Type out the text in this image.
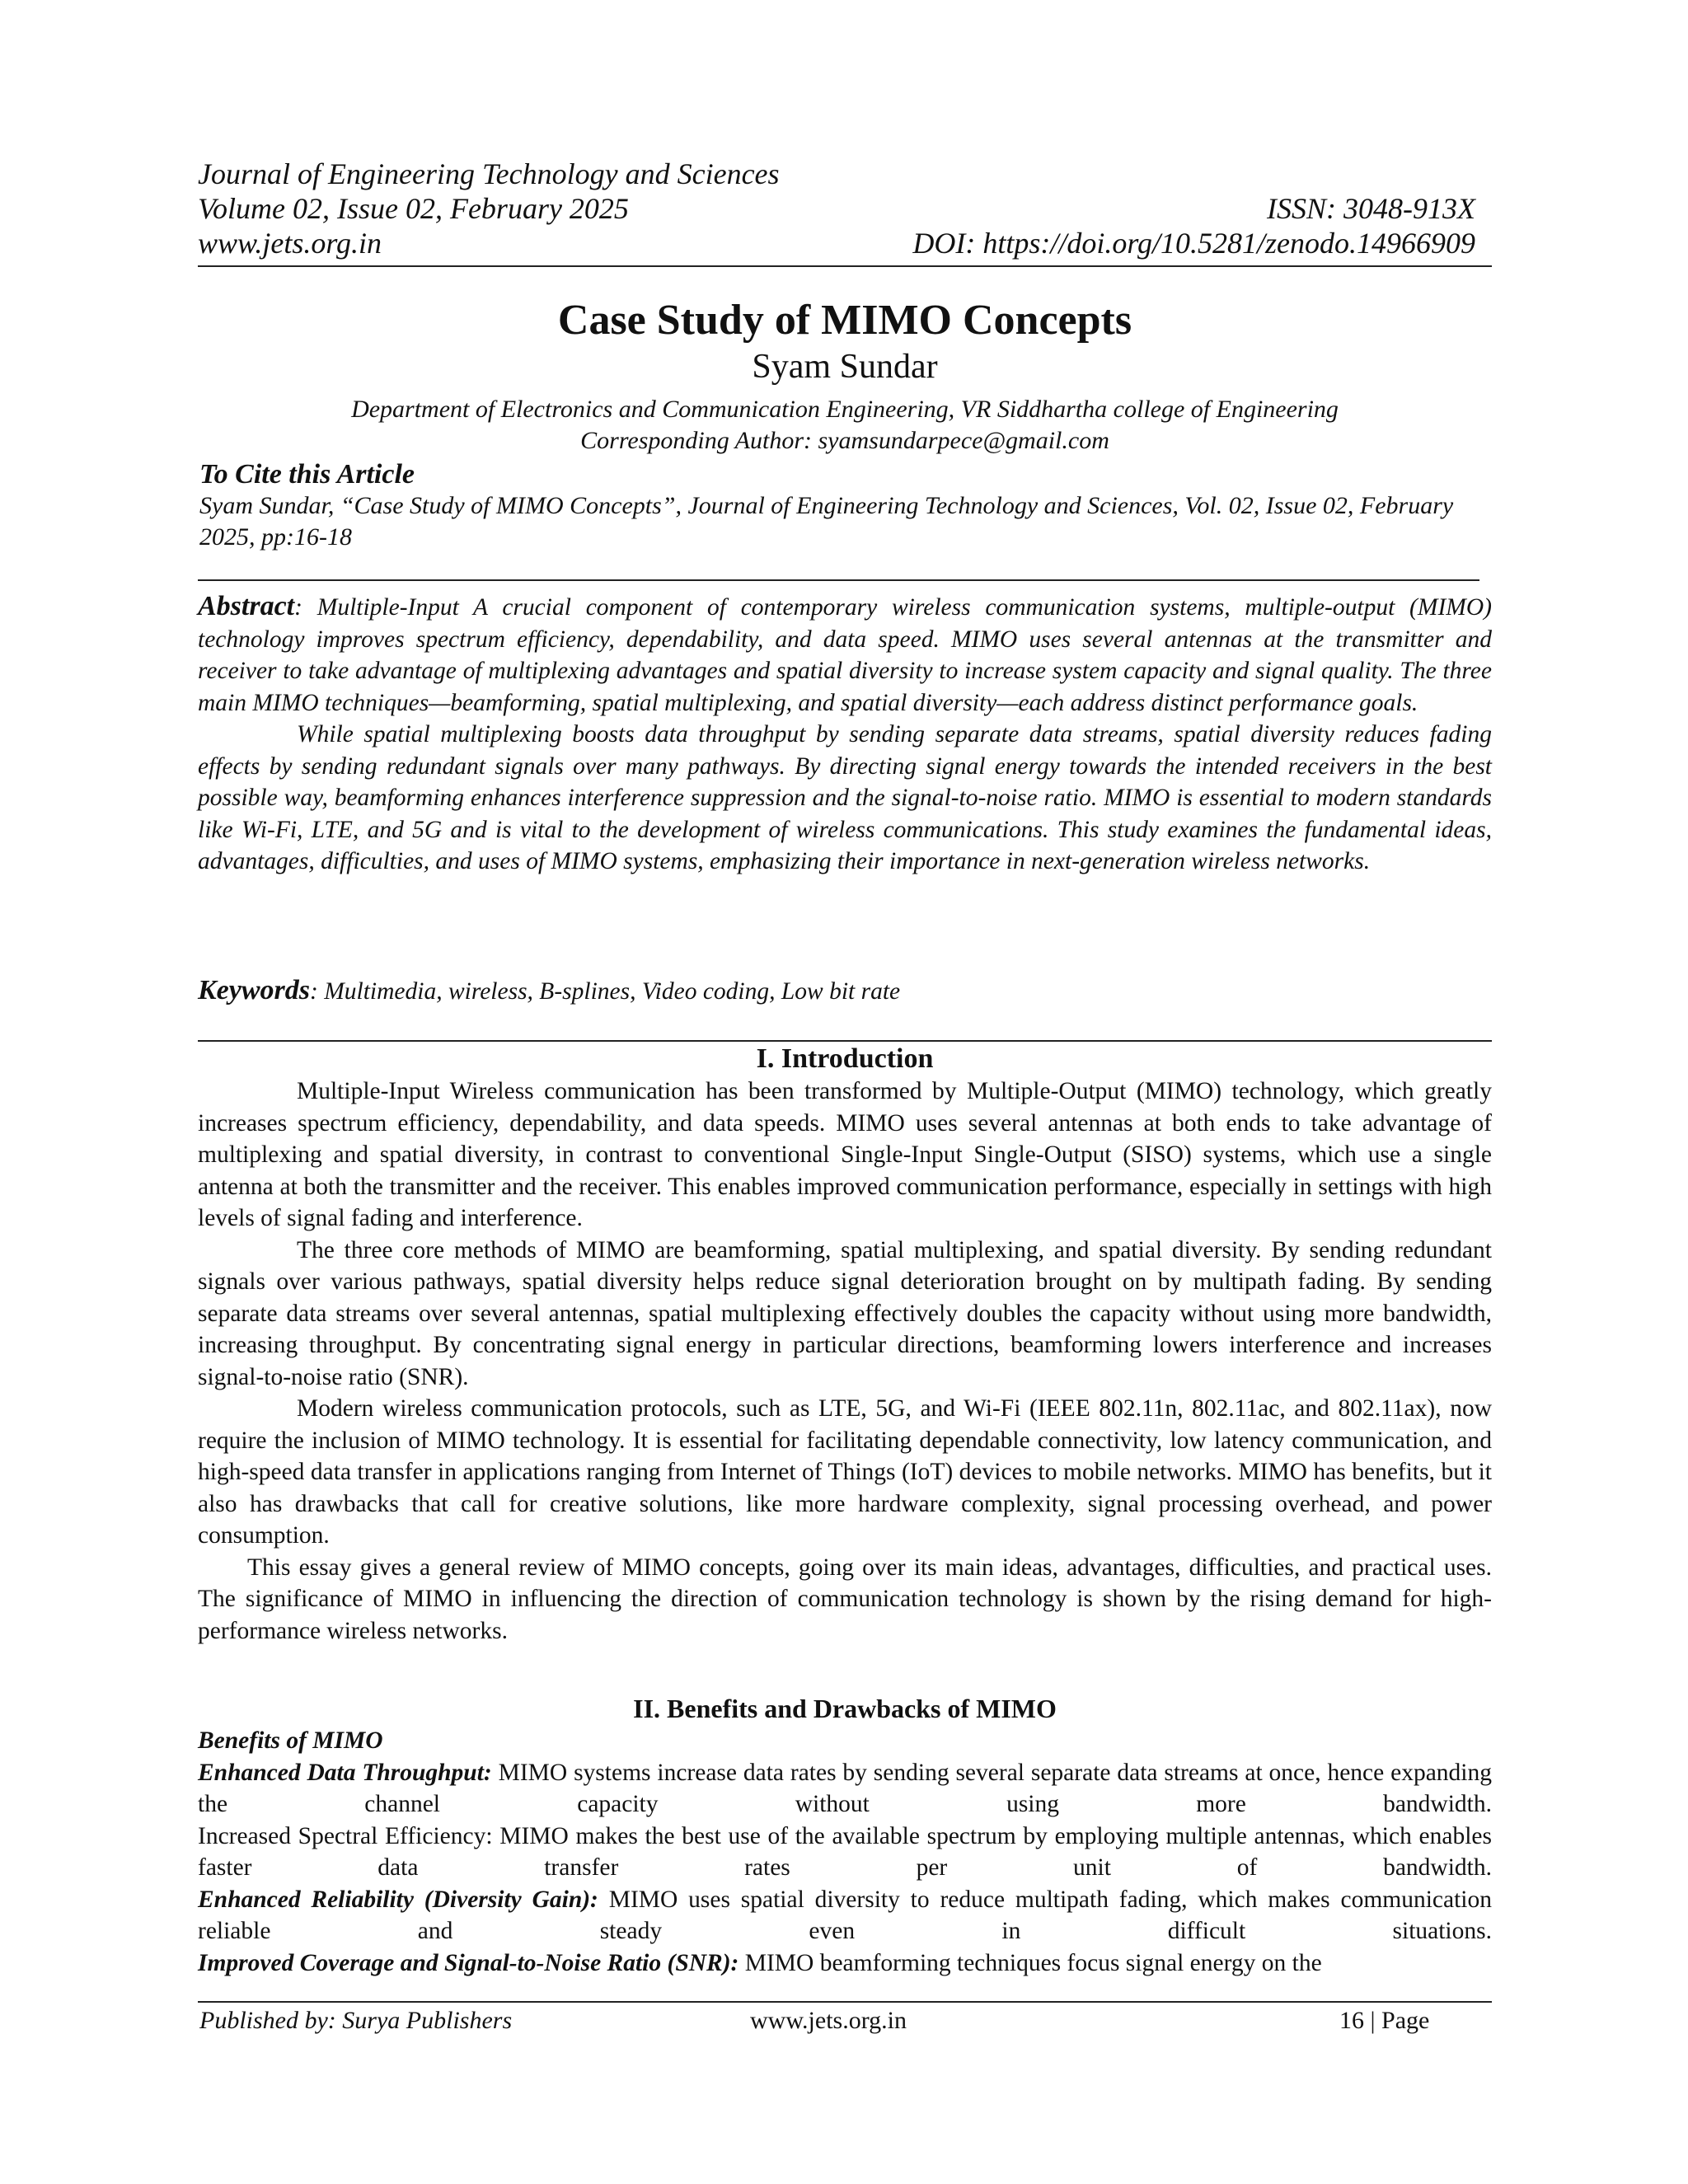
Journal of Engineering Technology and Sciences
Volume 02, Issue 02, February 2025	ISSN: 3048-913X
www.jets.org.in	DOI: https://doi.org/10.5281/zenodo.14966909
Case Study of MIMO Concepts
Syam Sundar
Department of Electronics and Communication Engineering, VR Siddhartha college of Engineering
Corresponding Author: syamsundarpece@gmail.com
To Cite this Article
Syam Sundar, “Case Study of MIMO Concepts”, Journal of Engineering Technology and Sciences, Vol. 02, Issue 02, February 2025, pp:16-18

Abstract: Multiple-Input A crucial component of contemporary wireless communication systems, multiple-output (MIMO) technology improves spectrum efficiency, dependability, and data speed. MIMO uses several antennas at the transmitter and receiver to take advantage of multiplexing advantages and spatial diversity to increase system capacity and signal quality. The three main MIMO techniques—beamforming, spatial multiplexing, and spatial diversity—each address distinct performance goals.

While spatial multiplexing boosts data throughput by sending separate data streams, spatial diversity reduces fading effects by sending redundant signals over many pathways. By directing signal energy towards the intended receivers in the best possible way, beamforming enhances interference suppression and the signal-to-noise ratio. MIMO is essential to modern standards like Wi-Fi, LTE, and 5G and is vital to the development of wireless communications. This study examines the fundamental ideas, advantages, difficulties, and uses of MIMO systems, emphasizing their importance in next-generation wireless networks.

Keywords: Multimedia, wireless, B-splines, Video coding, Low bit rate
I. Introduction

Multiple-Input Wireless communication has been transformed by Multiple-Output (MIMO) technology, which greatly increases spectrum efficiency, dependability, and data speeds. MIMO uses several antennas at both ends to take advantage of multiplexing and spatial diversity, in contrast to conventional Single-Input Single-Output (SISO) systems, which use a single antenna at both the transmitter and the receiver. This enables improved communication performance, especially in settings with high levels of signal fading and interference.

The three core methods of MIMO are beamforming, spatial multiplexing, and spatial diversity. By sending redundant signals over various pathways, spatial diversity helps reduce signal deterioration brought on by multipath fading. By sending separate data streams over several antennas, spatial multiplexing effectively doubles the capacity without using more bandwidth, increasing throughput. By concentrating signal energy in particular directions, beamforming lowers interference and increases signal-to-noise ratio (SNR).

Modern wireless communication protocols, such as LTE, 5G, and Wi-Fi (IEEE 802.11n, 802.11ac, and 802.11ax), now require the inclusion of MIMO technology. It is essential for facilitating dependable connectivity, low latency communication, and high-speed data transfer in applications ranging from Internet of Things (IoT) devices to mobile networks. MIMO has benefits, but it also has drawbacks that call for creative solutions, like more hardware complexity, signal processing overhead, and power consumption.

This essay gives a general review of MIMO concepts, going over its main ideas, advantages, difficulties, and practical uses. The significance of MIMO in influencing the direction of communication technology is shown by the rising demand for high-performance wireless networks.

II. Benefits and Drawbacks of MIMO

Benefits of MIMO

Enhanced Data Throughput: MIMO systems increase data rates by sending several separate data streams at once, hence expanding the channel capacity without using more bandwidth.

Increased Spectral Efficiency: MIMO makes the best use of the available spectrum by employing multiple antennas, which enables faster data transfer rates per unit of bandwidth.

Enhanced Reliability (Diversity Gain): MIMO uses spatial diversity to reduce multipath fading, which makes communication reliable and steady even in difficult situations.

Improved Coverage and Signal-to-Noise Ratio (SNR): MIMO beamforming techniques focus signal energy on the

Published by: Surya Publishers	www.jets.org.in	16 | Page
